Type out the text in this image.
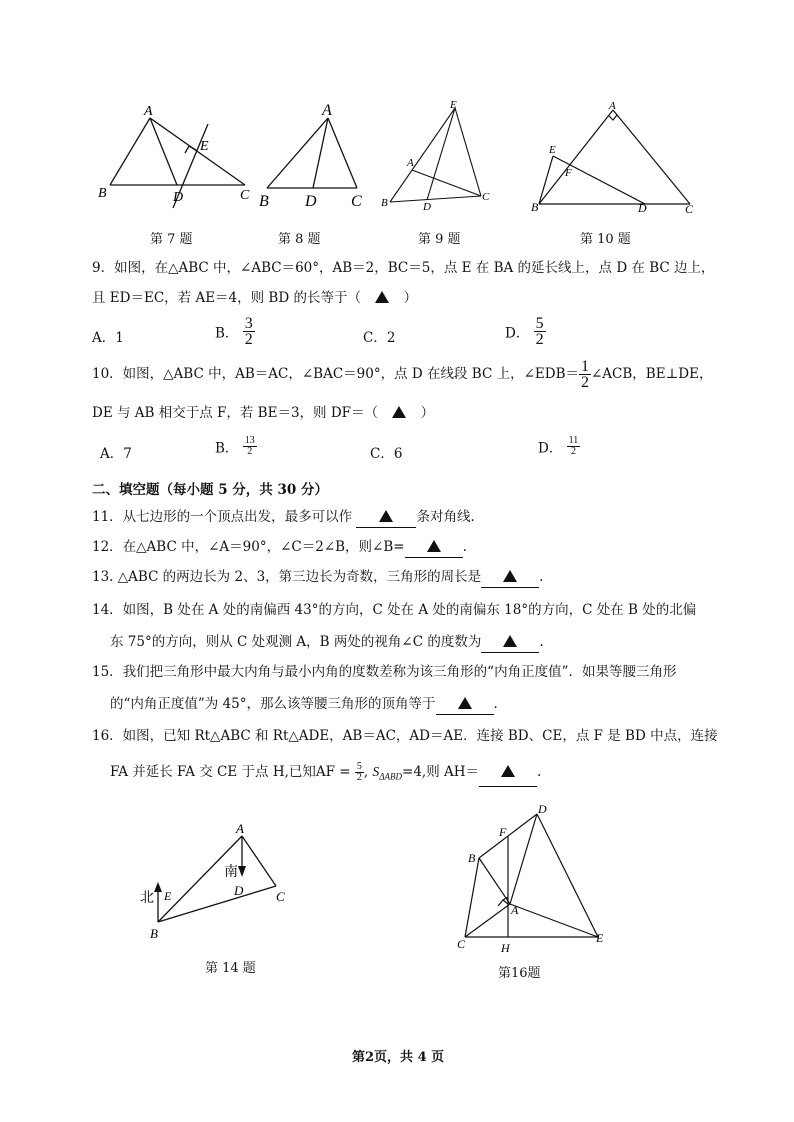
A
B	C
D
E
A
B D C
E
A
B	D
C
A
E
F
B	D	C
第 7 题	第 8 题	第 9 题	第 10 题
9．如图，在△ABC 中，∠ABC＝60°，AB＝2，BC＝5，点 E 在 BA 的延长线上，点 D 在 BC 边上，
且 ED＝EC，若 AE＝4，则 BD 的长等于（	）
A．1	B． $\frac{3}{2}$	C．2	D． $\frac{5}{2}$
10．如图，△ABC 中，AB＝AC，∠BAC＝90°，点 D 在线段 BC 上，∠EDB＝ $\frac{1}{2}$ ∠ACB，BE⊥DE，
DE 与 AB 相交于点 F，若 BE＝3，则 DF＝（	）
A．7	B． $\frac{13}{2}$	C．6	D． $\frac{11}{2}$
二、填空题（每小题 5 分，共 30 分）
11．从七边形的一个顶点出发，最多可以作	条对角线.
12．在△ABC 中，∠A＝90°，∠C＝2∠B，则∠B=	.
13. △ABC 的两边长为 2、3，第三边长为奇数，三角形的周长是	.
14．如图，B 处在 A 处的南偏西 43°的方向，C 处在 A 处的南偏东 18°的方向，C 处在 B 处的北偏
东 75°的方向，则从 C 处观测 A，B 两处的视角∠C 的度数为	.
15．我们把三角形中最大内角与最小内角的度数差称为该三角形的“内角正度值”．如果等腰三角形
的“内角正度值”为 45°，那么该等腰三角形的顶角等于	.
16．如图，已知 Rt△ABC 和 Rt△ADE，AB＝AC，AD＝AE．连接 BD、CE，点 F 是 BD 中点，连接
FA 并延长 FA 交 CE 于点 H,已知AF = $\frac{5}{2}$ , $S_{\Delta ABD}=4$,则 AH＝	.
北
南
A
E	D	C
B
第 14 题
D
F
B
A
C	H
E
第16题
第2页，共 4 页
